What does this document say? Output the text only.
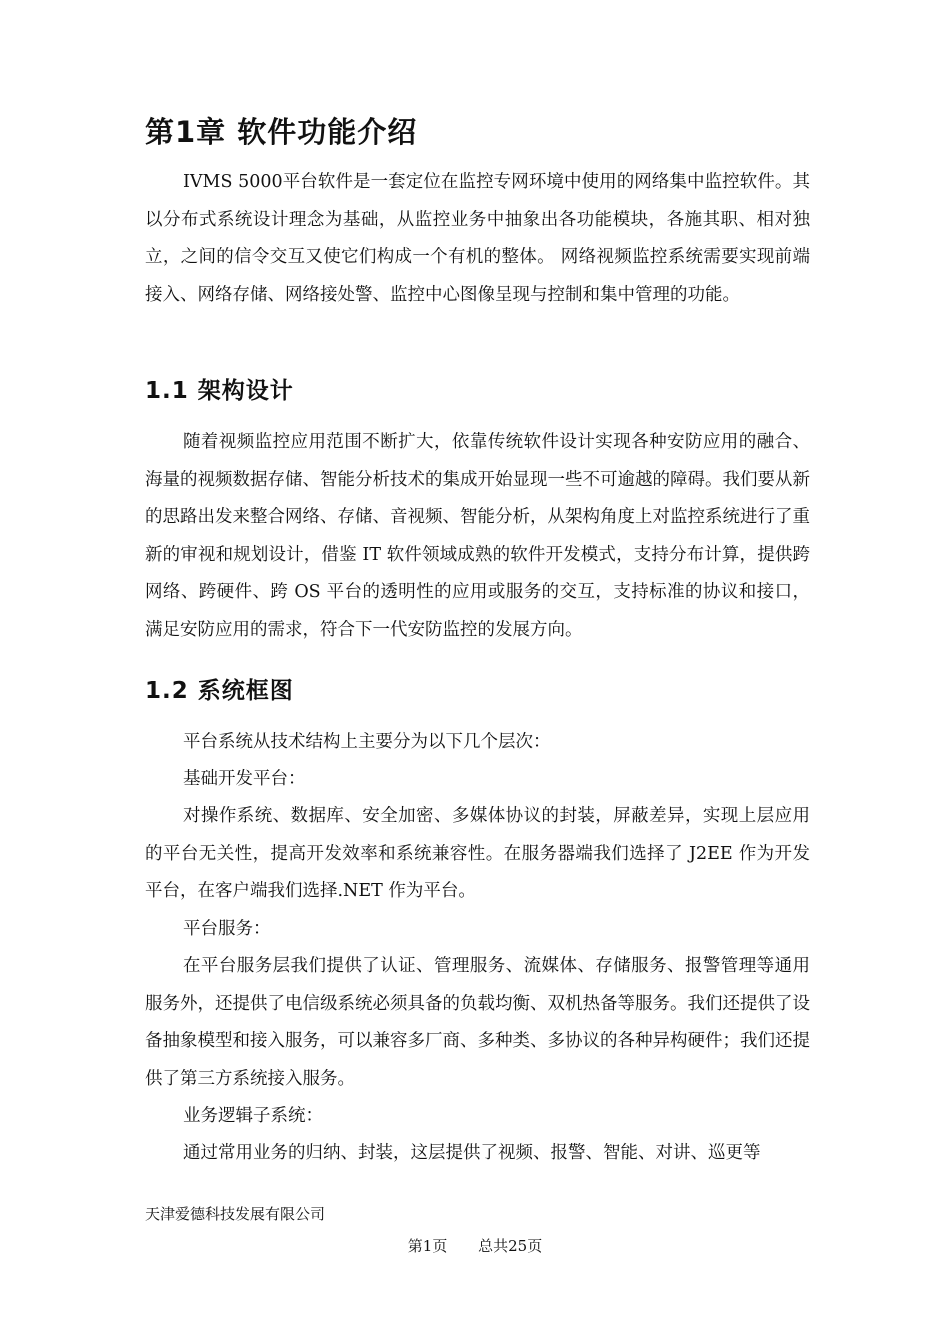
第1章 软件功能介绍

IVMS 5000平台软件是一套定位在监控专网环境中使用的网络集中监控软件。其以分布式系统设计理念为基础，从监控业务中抽象出各功能模块，各施其职、相对独立，之间的信令交互又使它们构成一个有机的整体。 网络视频监控系统需要实现前端接入、网络存储、网络接处警、监控中心图像呈现与控制和集中管理的功能。

1.1 架构设计

随着视频监控应用范围不断扩大，依靠传统软件设计实现各种安防应用的融合、海量的视频数据存储、智能分析技术的集成开始显现一些不可逾越的障碍。我们要从新的思路出发来整合网络、存储、音视频、智能分析，从架构角度上对监控系统进行了重新的审视和规划设计，借鉴 IT 软件领域成熟的软件开发模式，支持分布计算，提供跨网络、跨硬件、跨 OS 平台的透明性的应用或服务的交互，支持标准的协议和接口，满足安防应用的需求，符合下一代安防监控的发展方向。

1.2 系统框图

平台系统从技术结构上主要分为以下几个层次：

基础开发平台：

对操作系统、数据库、安全加密、多媒体协议的封装，屏蔽差异，实现上层应用的平台无关性，提高开发效率和系统兼容性。在服务器端我们选择了 J2EE 作为开发平台，在客户端我们选择.NET 作为平台。

平台服务：

在平台服务层我们提供了认证、管理服务、流媒体、存储服务、报警管理等通用服务外，还提供了电信级系统必须具备的负载均衡、双机热备等服务。我们还提供了设备抽象模型和接入服务，可以兼容多厂商、多种类、多协议的各种异构硬件；我们还提供了第三方系统接入服务。

业务逻辑子系统：

通过常用业务的归纳、封装，这层提供了视频、报警、智能、对讲、巡更等

天津爱德科技发展有限公司

第1页 总共25页
